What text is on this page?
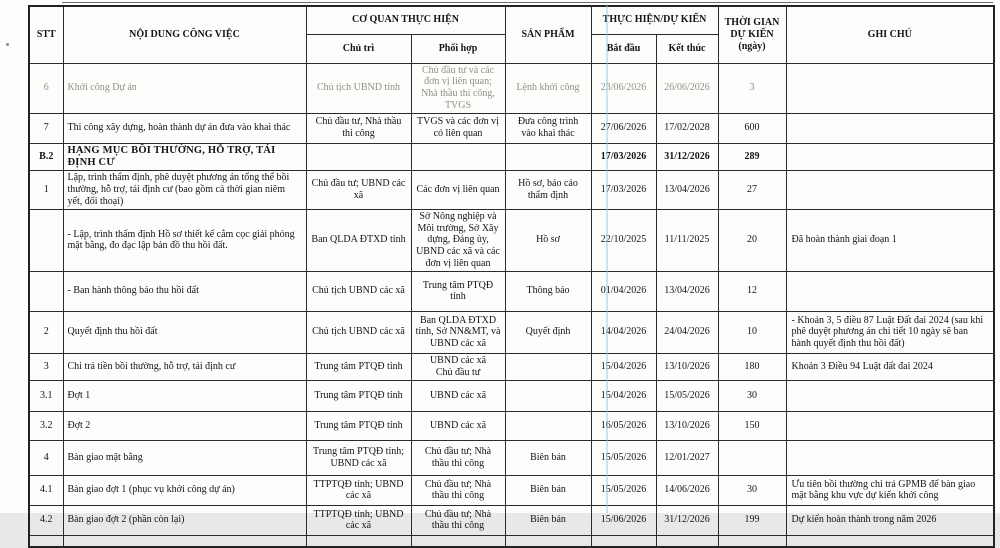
STT	NỘI DUNG CÔNG VIỆC	CƠ QUAN THỰC HIỆN		SẢN PHẨM	THỰC HIỆN/DỰ KIẾN		THỜI GIAN DỰ KIẾN (ngày)	GHI CHÚ
		Chủ trì	Phối hợp		Bắt đầu	Kết thúc		
6	Khởi công Dự án	Chủ tịch UBND tỉnh	Chủ đầu tư và các đơn vị liên quan; Nhà thầu thi công, TVGS	Lệnh khởi công	23/06/2026	26/06/2026	3	
7	Thi công xây dựng, hoàn thành dự án đưa vào khai thác	Chủ đầu tư, Nhà thầu thi công	TVGS và các đơn vị có liên quan	Đưa công trình vào khai thác	27/06/2026	17/02/2028	600	
B.2	HẠNG MỤC BỒI THƯỜNG, HỖ TRỢ, TÁI ĐỊNH CƯ				17/03/2026	31/12/2026	289	
1	Lập, trình thẩm định, phê duyệt phương án tổng thể bồi thường, hỗ trợ, tái định cư (bao gồm cả thời gian niêm yết, đối thoại)	Chủ đầu tư; UBND các xã	Các đơn vị liên quan	Hồ sơ, báo cáo thẩm định	17/03/2026	13/04/2026	27	
	- Lập, trình thẩm định Hồ sơ thiết kế cắm cọc giải phóng mặt bằng, đo đạc lập bản đồ thu hồi đất.	Ban QLDA ĐTXD tỉnh	Sở Nông nghiệp và Môi trường, Sở Xây dựng, Đảng ủy, UBND các xã và các đơn vị liên quan	Hồ sơ	22/10/2025	11/11/2025	20	Đã hoàn thành giai đoạn 1
	- Ban hành thông báo thu hồi đất	Chủ tịch UBND các xã	Trung tâm PTQĐ tỉnh	Thông báo	01/04/2026	13/04/2026	12	
2	Quyết định thu hồi đất	Chủ tịch UBND các xã	Ban QLDA ĐTXD tỉnh, Sở NN&MT, và UBND các xã	Quyết định	14/04/2026	24/04/2026	10	- Khoản 3, 5 điều 87 Luật Đất đai 2024 (sau khi phê duyệt phương án chi tiết 10 ngày sẽ ban hành quyết định thu hồi đất)
3	Chi trả tiền bồi thường, hỗ trợ, tái định cư	Trung tâm PTQĐ tỉnh	UBND các xã
Chủ đầu tư		15/04/2026	13/10/2026	180	Khoản 3 Điều 94 Luật đất đai 2024
3.1	Đợt 1	Trung tâm PTQĐ tỉnh	UBND các xã		15/04/2026	15/05/2026	30	
3.2	Đợt 2	Trung tâm PTQĐ tỉnh	UBND các xã		16/05/2026	13/10/2026	150	
4	Bàn giao mặt bằng	Trung tâm PTQĐ tỉnh; UBND các xã	Chủ đầu tư; Nhà thầu thi công	Biên bản	15/05/2026	12/01/2027		
4.1	Bàn giao đợt 1 (phục vụ khởi công dự án)	TTPTQĐ tỉnh; UBND các xã	Chủ đầu tư; Nhà thầu thi công	Biên bản	15/05/2026	14/06/2026	30	Ưu tiên bồi thường chi trả GPMB để bàn giao mặt bằng khu vực dự kiến khởi công
4.2	Bàn giao đợt 2 (phần còn lại)	TTPTQĐ tỉnh; UBND các xã	Chủ đầu tư; Nhà thầu thi công	Biên bản	15/06/2026	31/12/2026	199	Dự kiến hoàn thành trong năm 2026
